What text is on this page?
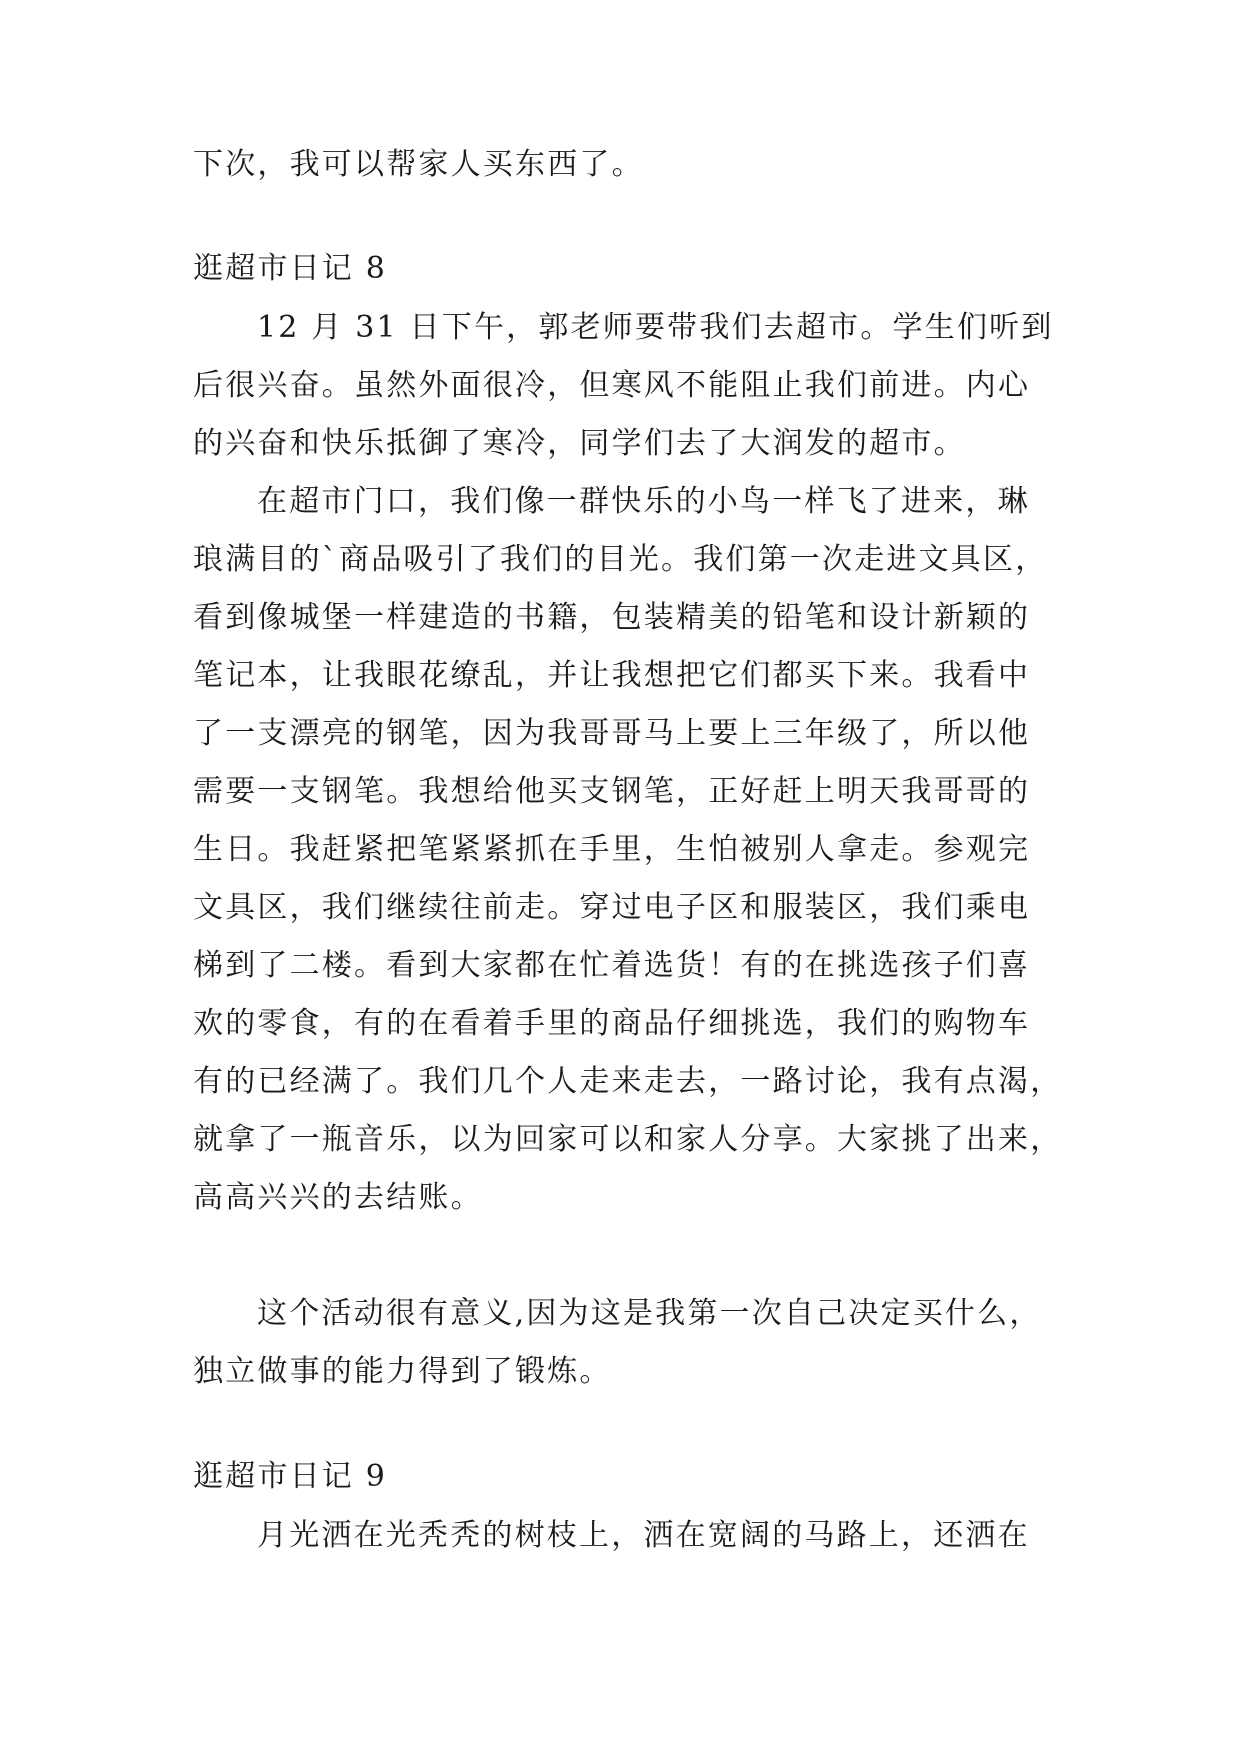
下次，我可以帮家人买东西了。
逛超市日记 8
12 月 31 日下午，郭老师要带我们去超市。学生们听到
后很兴奋。虽然外面很冷，但寒风不能阻止我们前进。内心
的兴奋和快乐抵御了寒冷，同学们去了大润发的超市。
在超市门口，我们像一群快乐的小鸟一样飞了进来，琳
琅满目的`商品吸引了我们的目光。我们第一次走进文具区，
看到像城堡一样建造的书籍，包装精美的铅笔和设计新颖的
笔记本，让我眼花缭乱，并让我想把它们都买下来。我看中
了一支漂亮的钢笔，因为我哥哥马上要上三年级了，所以他
需要一支钢笔。我想给他买支钢笔，正好赶上明天我哥哥的
生日。我赶紧把笔紧紧抓在手里，生怕被别人拿走。参观完
文具区，我们继续往前走。穿过电子区和服装区，我们乘电
梯到了二楼。看到大家都在忙着选货！有的在挑选孩子们喜
欢的零食，有的在看着手里的商品仔细挑选，我们的购物车
有的已经满了。我们几个人走来走去，一路讨论，我有点渴，
就拿了一瓶音乐，以为回家可以和家人分享。大家挑了出来，
高高兴兴的去结账。
这个活动很有意义,因为这是我第一次自己决定买什么，
独立做事的能力得到了锻炼。
逛超市日记 9
月光洒在光秃秃的树枝上，洒在宽阔的马路上，还洒在
